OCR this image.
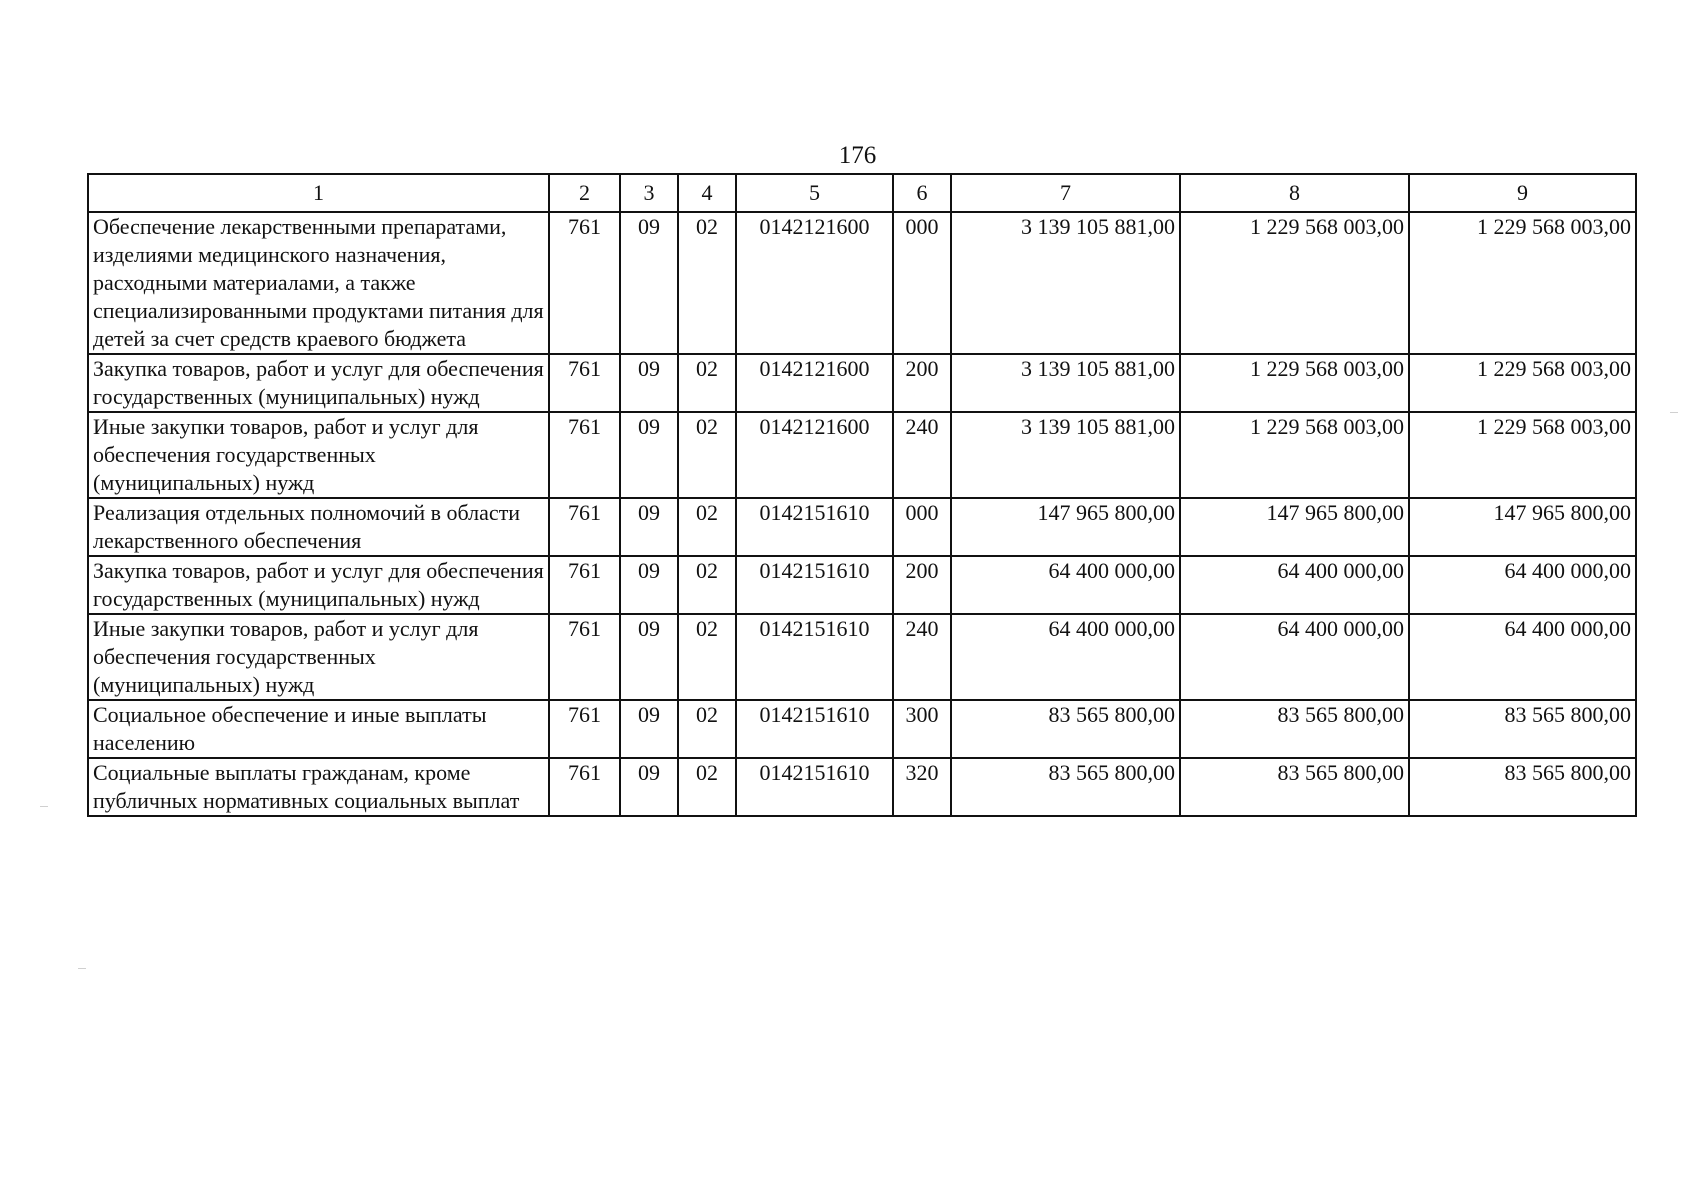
176
1	2	3	4	5	6	7	8	9
Обеспечение лекарственными препаратами, изделиями медицинского назначения, расходными материалами, а также специализированными продуктами питания для детей за счет средств краевого бюджета	761	09	02	0142121600	000	3 139 105 881,00	1 229 568 003,00	1 229 568 003,00
Закупка товаров, работ и услуг для обеспечения государственных (муниципальных) нужд	761	09	02	0142121600	200	3 139 105 881,00	1 229 568 003,00	1 229 568 003,00
Иные закупки товаров, работ и услуг для обеспечения государственных (муниципальных) нужд	761	09	02	0142121600	240	3 139 105 881,00	1 229 568 003,00	1 229 568 003,00
Реализация отдельных полномочий в области лекарственного обеспечения	761	09	02	0142151610	000	147 965 800,00	147 965 800,00	147 965 800,00
Закупка товаров, работ и услуг для обеспечения государственных (муниципальных) нужд	761	09	02	0142151610	200	64 400 000,00	64 400 000,00	64 400 000,00
Иные закупки товаров, работ и услуг для обеспечения государственных (муниципальных) нужд	761	09	02	0142151610	240	64 400 000,00	64 400 000,00	64 400 000,00
Социальное обеспечение и иные выплаты населению	761	09	02	0142151610	300	83 565 800,00	83 565 800,00	83 565 800,00
Социальные выплаты гражданам, кроме публичных нормативных социальных выплат	761	09	02	0142151610	320	83 565 800,00	83 565 800,00	83 565 800,00
